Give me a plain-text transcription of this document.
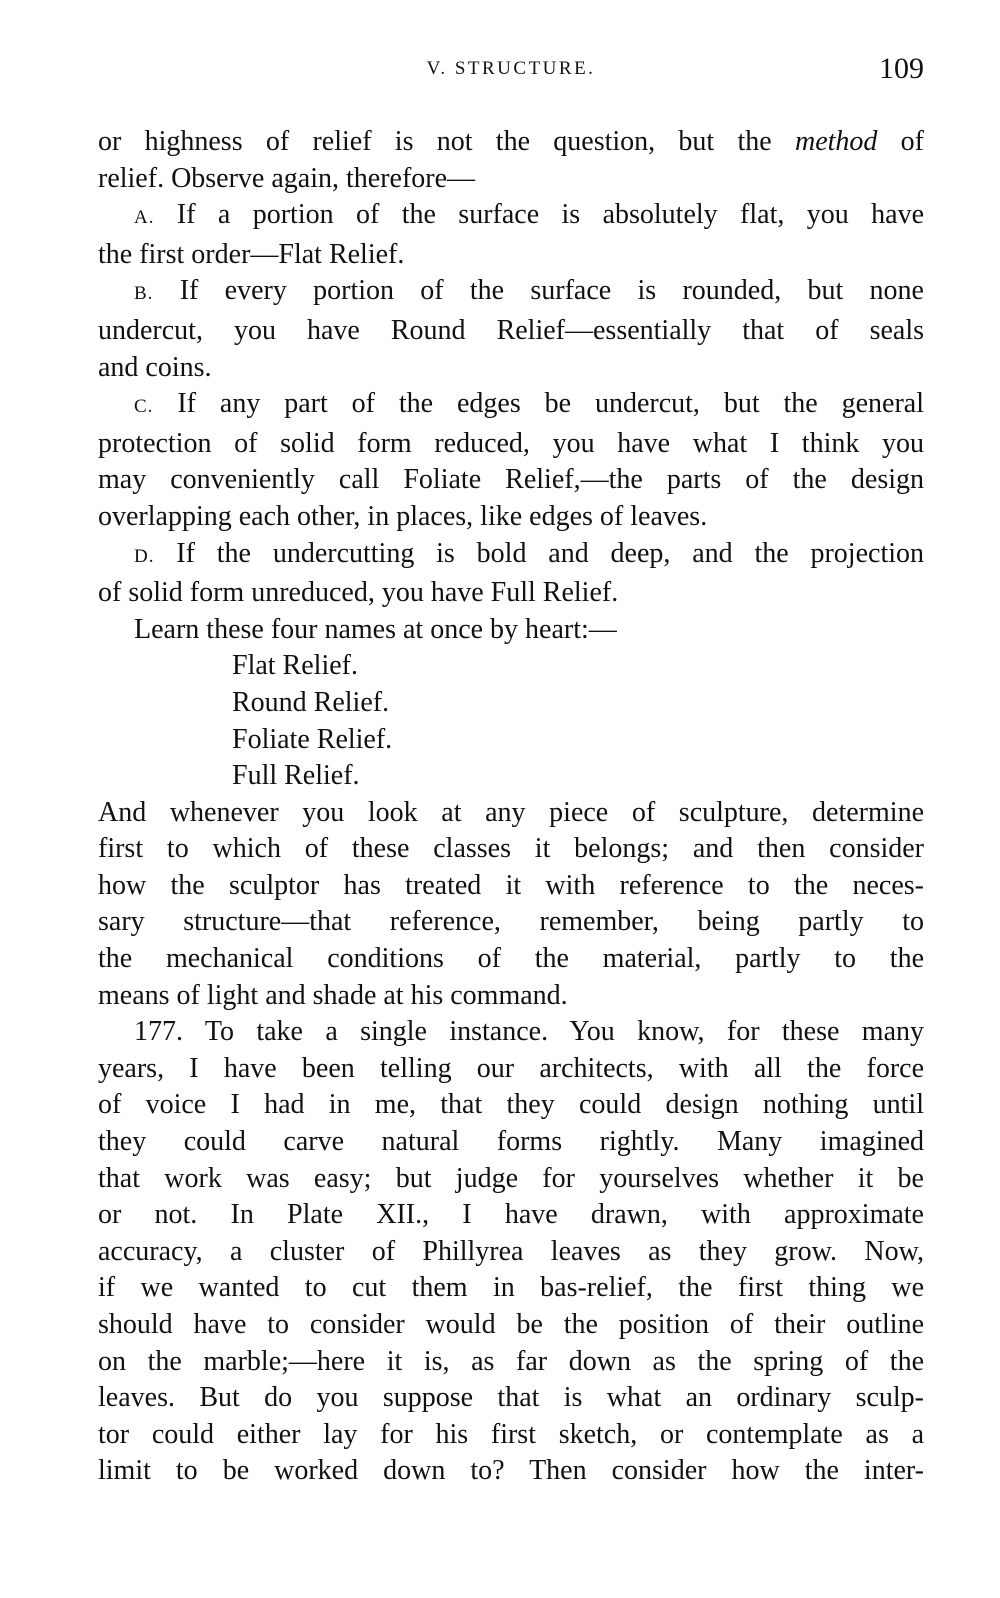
V. STRUCTURE.	109
or highness of relief is not the question, but the method of
relief. Observe again, therefore—
A. If a portion of the surface is absolutely flat, you have
the first order—Flat Relief.
B. If every portion of the surface is rounded, but none
undercut, you have Round Relief—essentially that of seals
and coins.
C. If any part of the edges be undercut, but the general
protection of solid form reduced, you have what I think you
may conveniently call Foliate Relief,—the parts of the design
overlapping each other, in places, like edges of leaves.
D. If the undercutting is bold and deep, and the projection
of solid form unreduced, you have Full Relief.
Learn these four names at once by heart:—
Flat Relief.
Round Relief.
Foliate Relief.
Full Relief.
And whenever you look at any piece of sculpture, determine
first to which of these classes it belongs; and then consider
how the sculptor has treated it with reference to the neces-
sary structure—that reference, remember, being partly to
the mechanical conditions of the material, partly to the
means of light and shade at his command.
177. To take a single instance. You know, for these many
years, I have been telling our architects, with all the force
of voice I had in me, that they could design nothing until
they could carve natural forms rightly. Many imagined
that work was easy; but judge for yourselves whether it be
or not. In Plate XII., I have drawn, with approximate
accuracy, a cluster of Phillyrea leaves as they grow. Now,
if we wanted to cut them in bas-relief, the first thing we
should have to consider would be the position of their outline
on the marble;—here it is, as far down as the spring of the
leaves. But do you suppose that is what an ordinary sculp-
tor could either lay for his first sketch, or contemplate as a
limit to be worked down to? Then consider how the inter-
